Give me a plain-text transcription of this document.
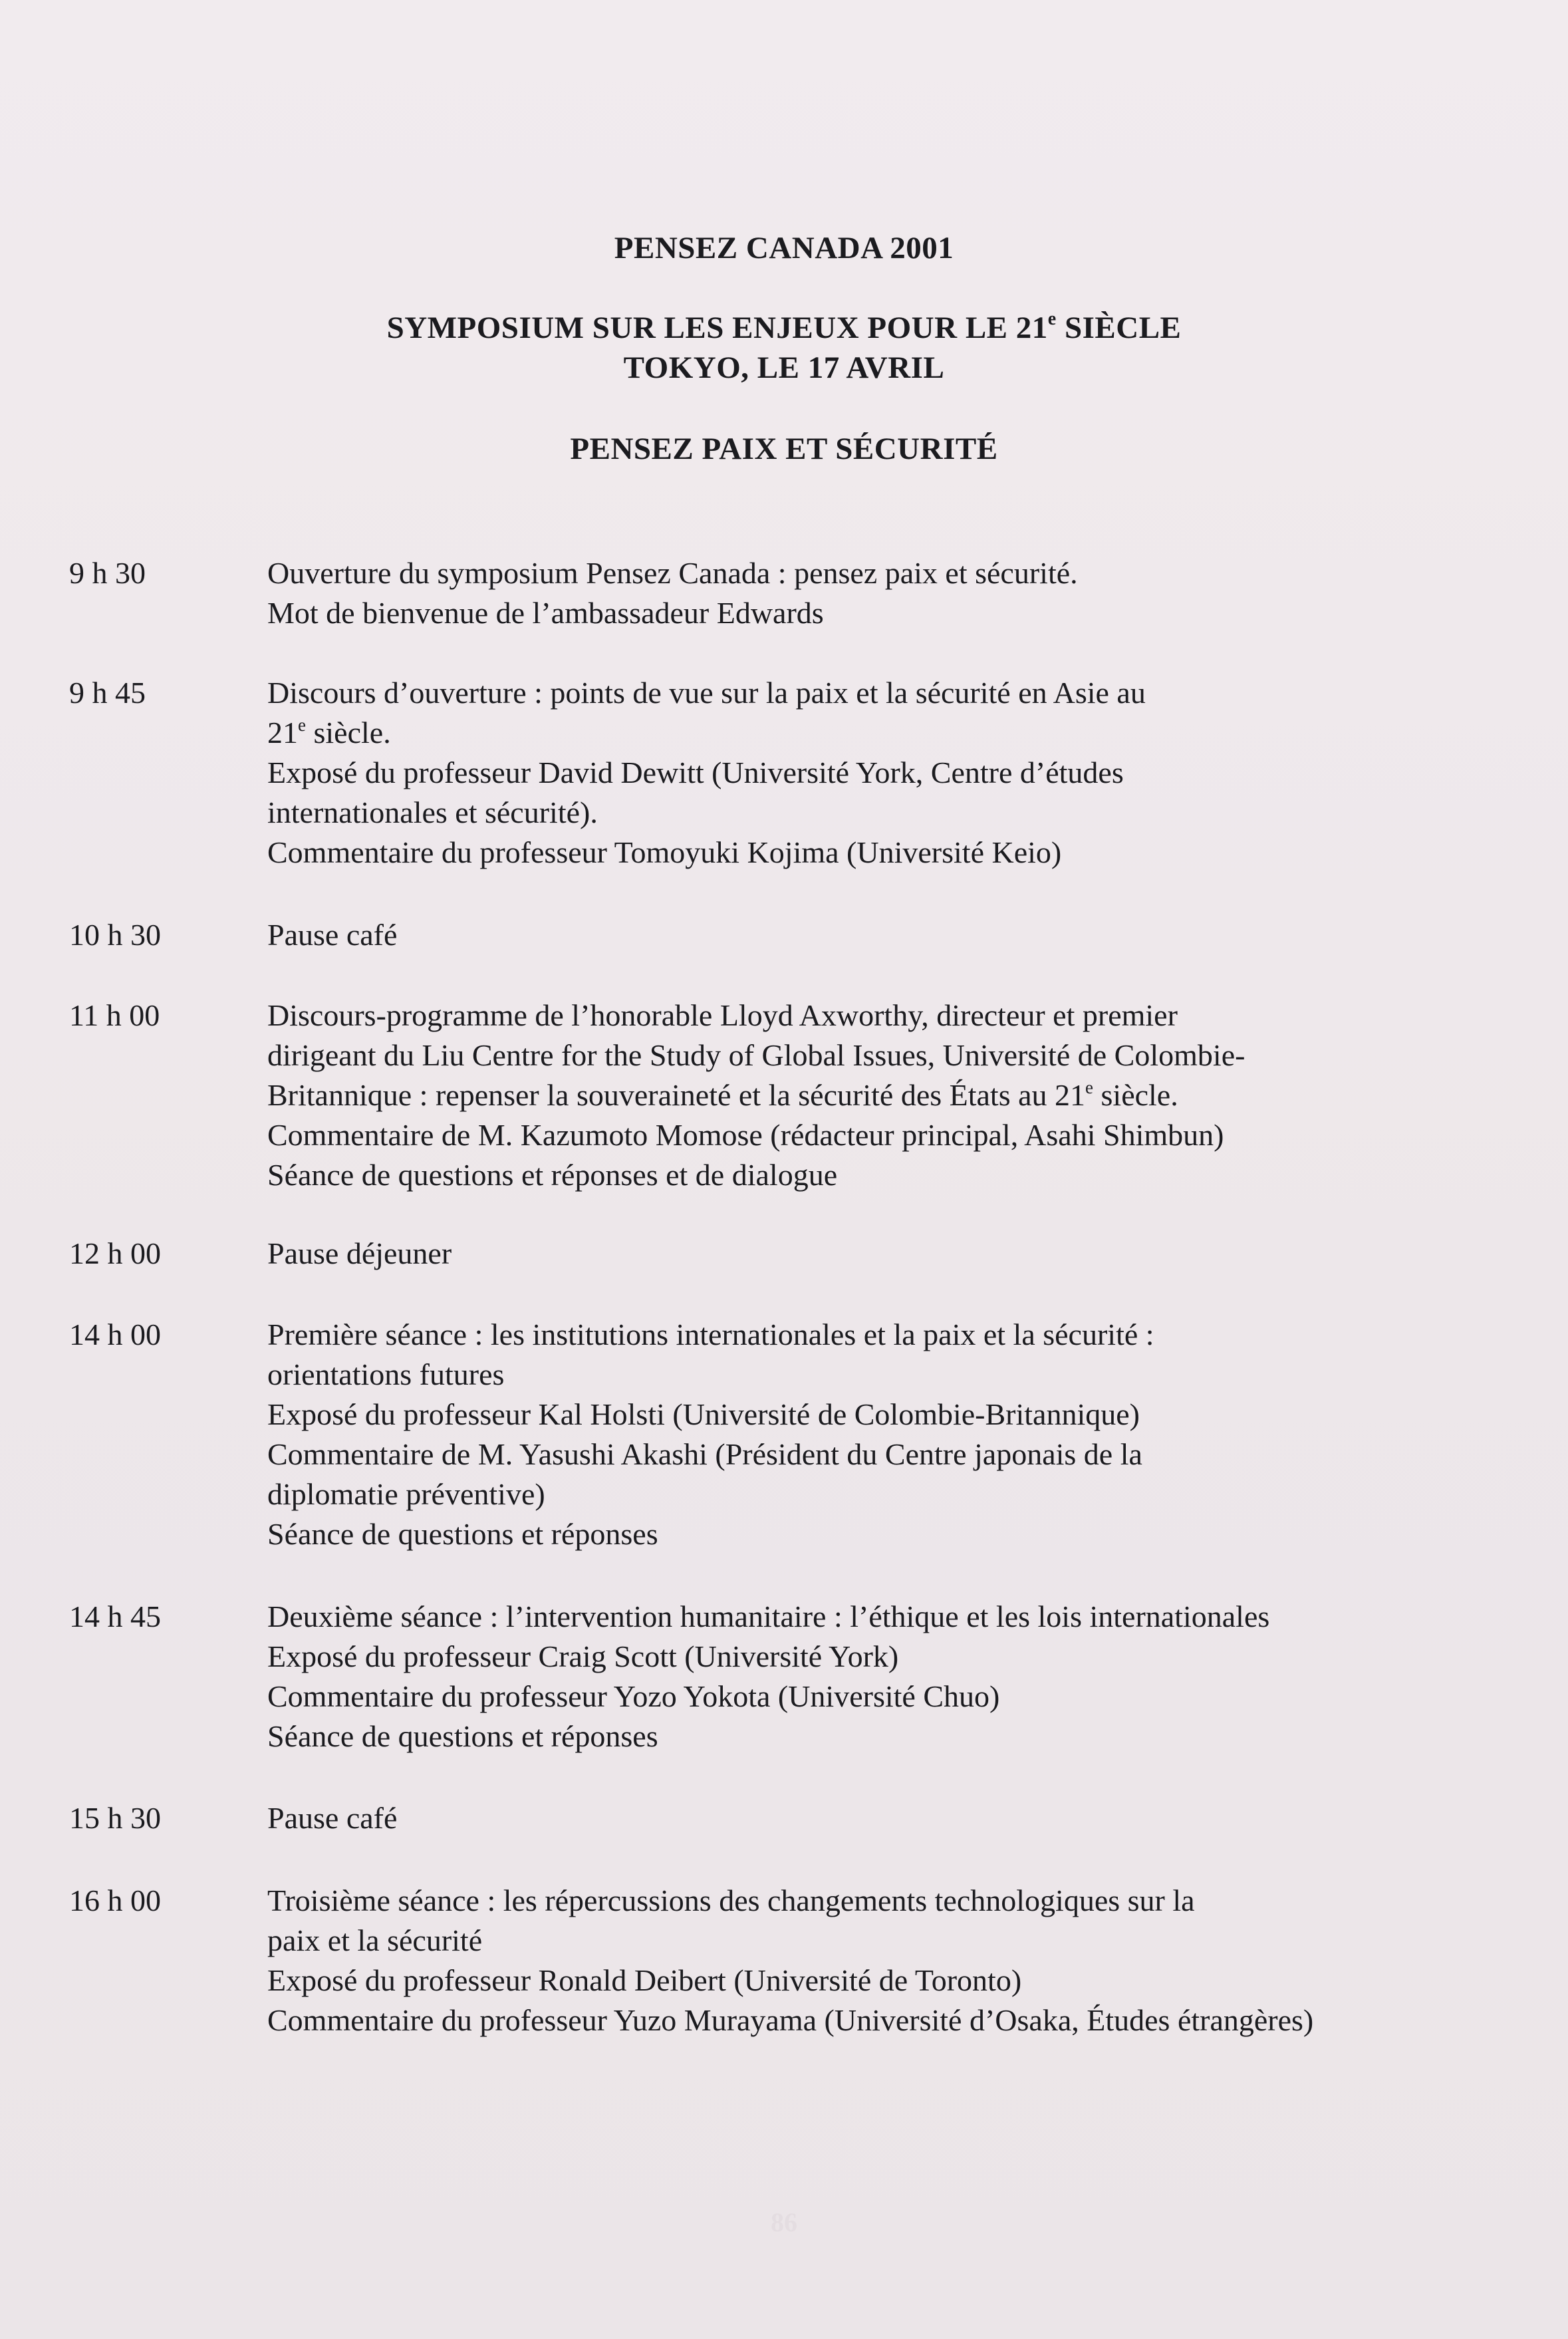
PENSEZ CANADA 2001
SYMPOSIUM SUR LES ENJEUX POUR LE 21e SIÈCLE
TOKYO, LE 17 AVRIL
PENSEZ PAIX ET SÉCURITÉ
9 h 30	Ouverture du symposium Pensez Canada : pensez paix et sécurité.
Mot de bienvenue de l’ambassadeur Edwards
9 h 45	Discours d’ouverture : points de vue sur la paix et la sécurité en Asie au
21e siècle.
Exposé du professeur David Dewitt (Université York, Centre d’études
internationales et sécurité).
Commentaire du professeur Tomoyuki Kojima (Université Keio)
10 h 30	Pause café
11 h 00	Discours-programme de l’honorable Lloyd Axworthy, directeur et premier
dirigeant du Liu Centre for the Study of Global Issues, Université de Colombie-
Britannique : repenser la souveraineté et la sécurité des États au 21e siècle.
Commentaire de M. Kazumoto Momose (rédacteur principal, Asahi Shimbun)
Séance de questions et réponses et de dialogue
12 h 00	Pause déjeuner
14 h 00	Première séance : les institutions internationales et la paix et la sécurité :
orientations futures
Exposé du professeur Kal Holsti (Université de Colombie-Britannique)
Commentaire de M. Yasushi Akashi (Président du Centre japonais de la
diplomatie préventive)
Séance de questions et réponses
14 h 45	Deuxième séance : l’intervention humanitaire : l’éthique et les lois internationales
Exposé du professeur Craig Scott (Université York)
Commentaire du professeur Yozo Yokota (Université Chuo)
Séance de questions et réponses
15 h 30	Pause café
16 h 00	Troisième séance : les répercussions des changements technologiques sur la
paix et la sécurité
Exposé du professeur Ronald Deibert (Université de Toronto)
Commentaire du professeur Yuzo Murayama (Université d’Osaka, Études étrangères)
86
